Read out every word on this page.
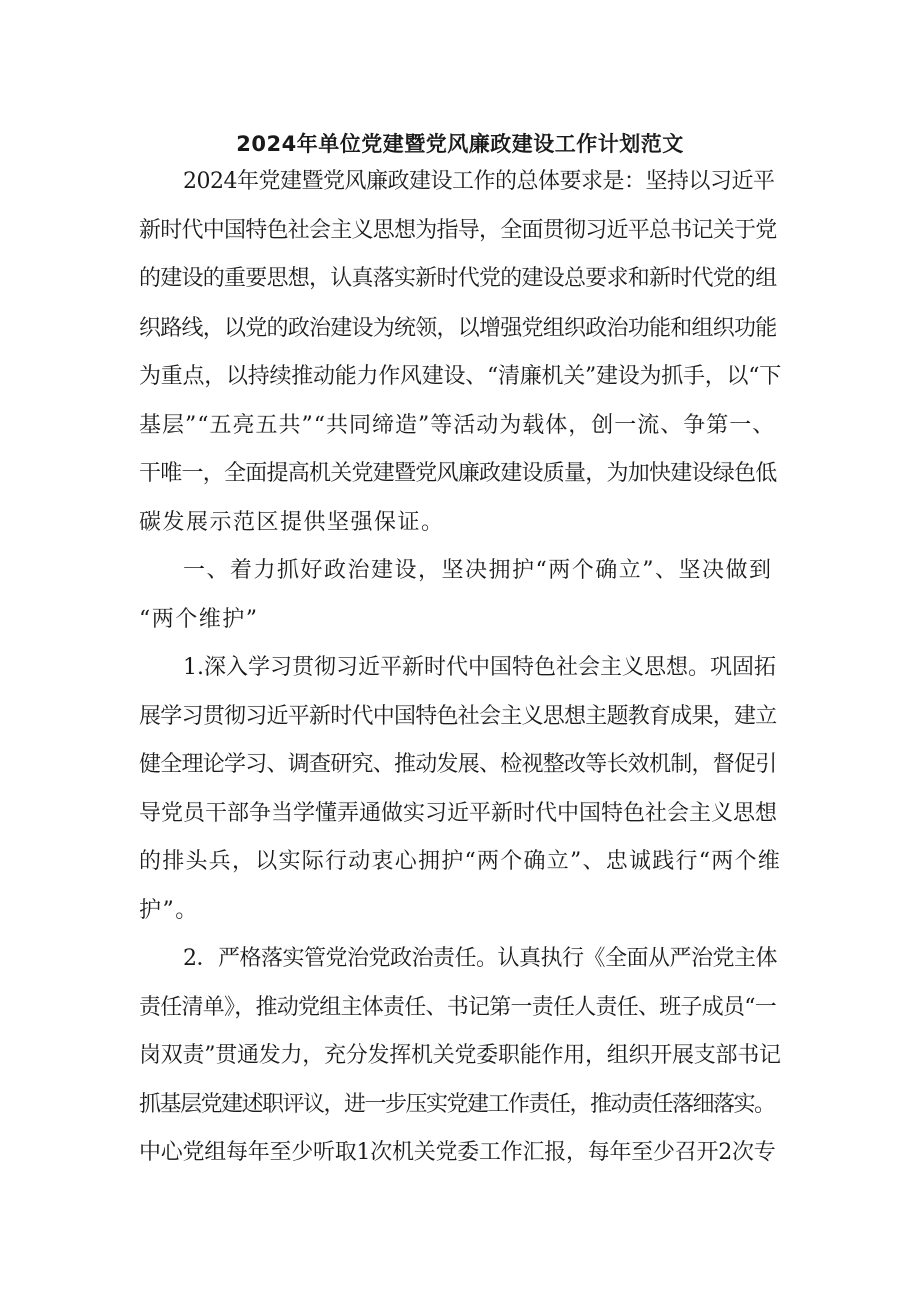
2024年单位党建暨党风廉政建设工作计划范文

2024年党建暨党风廉政建设工作的总体要求是：坚持以习近平

新时代中国特色社会主义思想为指导，全面贯彻习近平总书记关于党

的建设的重要思想，认真落实新时代党的建设总要求和新时代党的组

织路线，以党的政治建设为统领，以增强党组织政治功能和组织功能

为重点，以持续推动能力作风建设、“清廉机关”建设为抓手，以“下

基层”“五亮五共”“共同缔造”等活动为载体，创一流、争第一、

干唯一，全面提高机关党建暨党风廉政建设质量，为加快建设绿色低

碳发展示范区提供坚强保证。

一、着力抓好政治建设，坚决拥护“两个确立”、坚决做到

“两个维护”

1.深入学习贯彻习近平新时代中国特色社会主义思想。巩固拓

展学习贯彻习近平新时代中国特色社会主义思想主题教育成果，建立

健全理论学习、调查研究、推动发展、检视整改等长效机制，督促引

导党员干部争当学懂弄通做实习近平新时代中国特色社会主义思想

的排头兵，以实际行动衷心拥护“两个确立”、忠诚践行“两个维

护”。

2．严格落实管党治党政治责任。认真执行《全面从严治党主体

责任清单》，推动党组主体责任、书记第一责任人责任、班子成员“一

岗双责”贯通发力，充分发挥机关党委职能作用，组织开展支部书记

抓基层党建述职评议，进一步压实党建工作责任，推动责任落细落实。

中心党组每年至少听取1次机关党委工作汇报，每年至少召开2次专
